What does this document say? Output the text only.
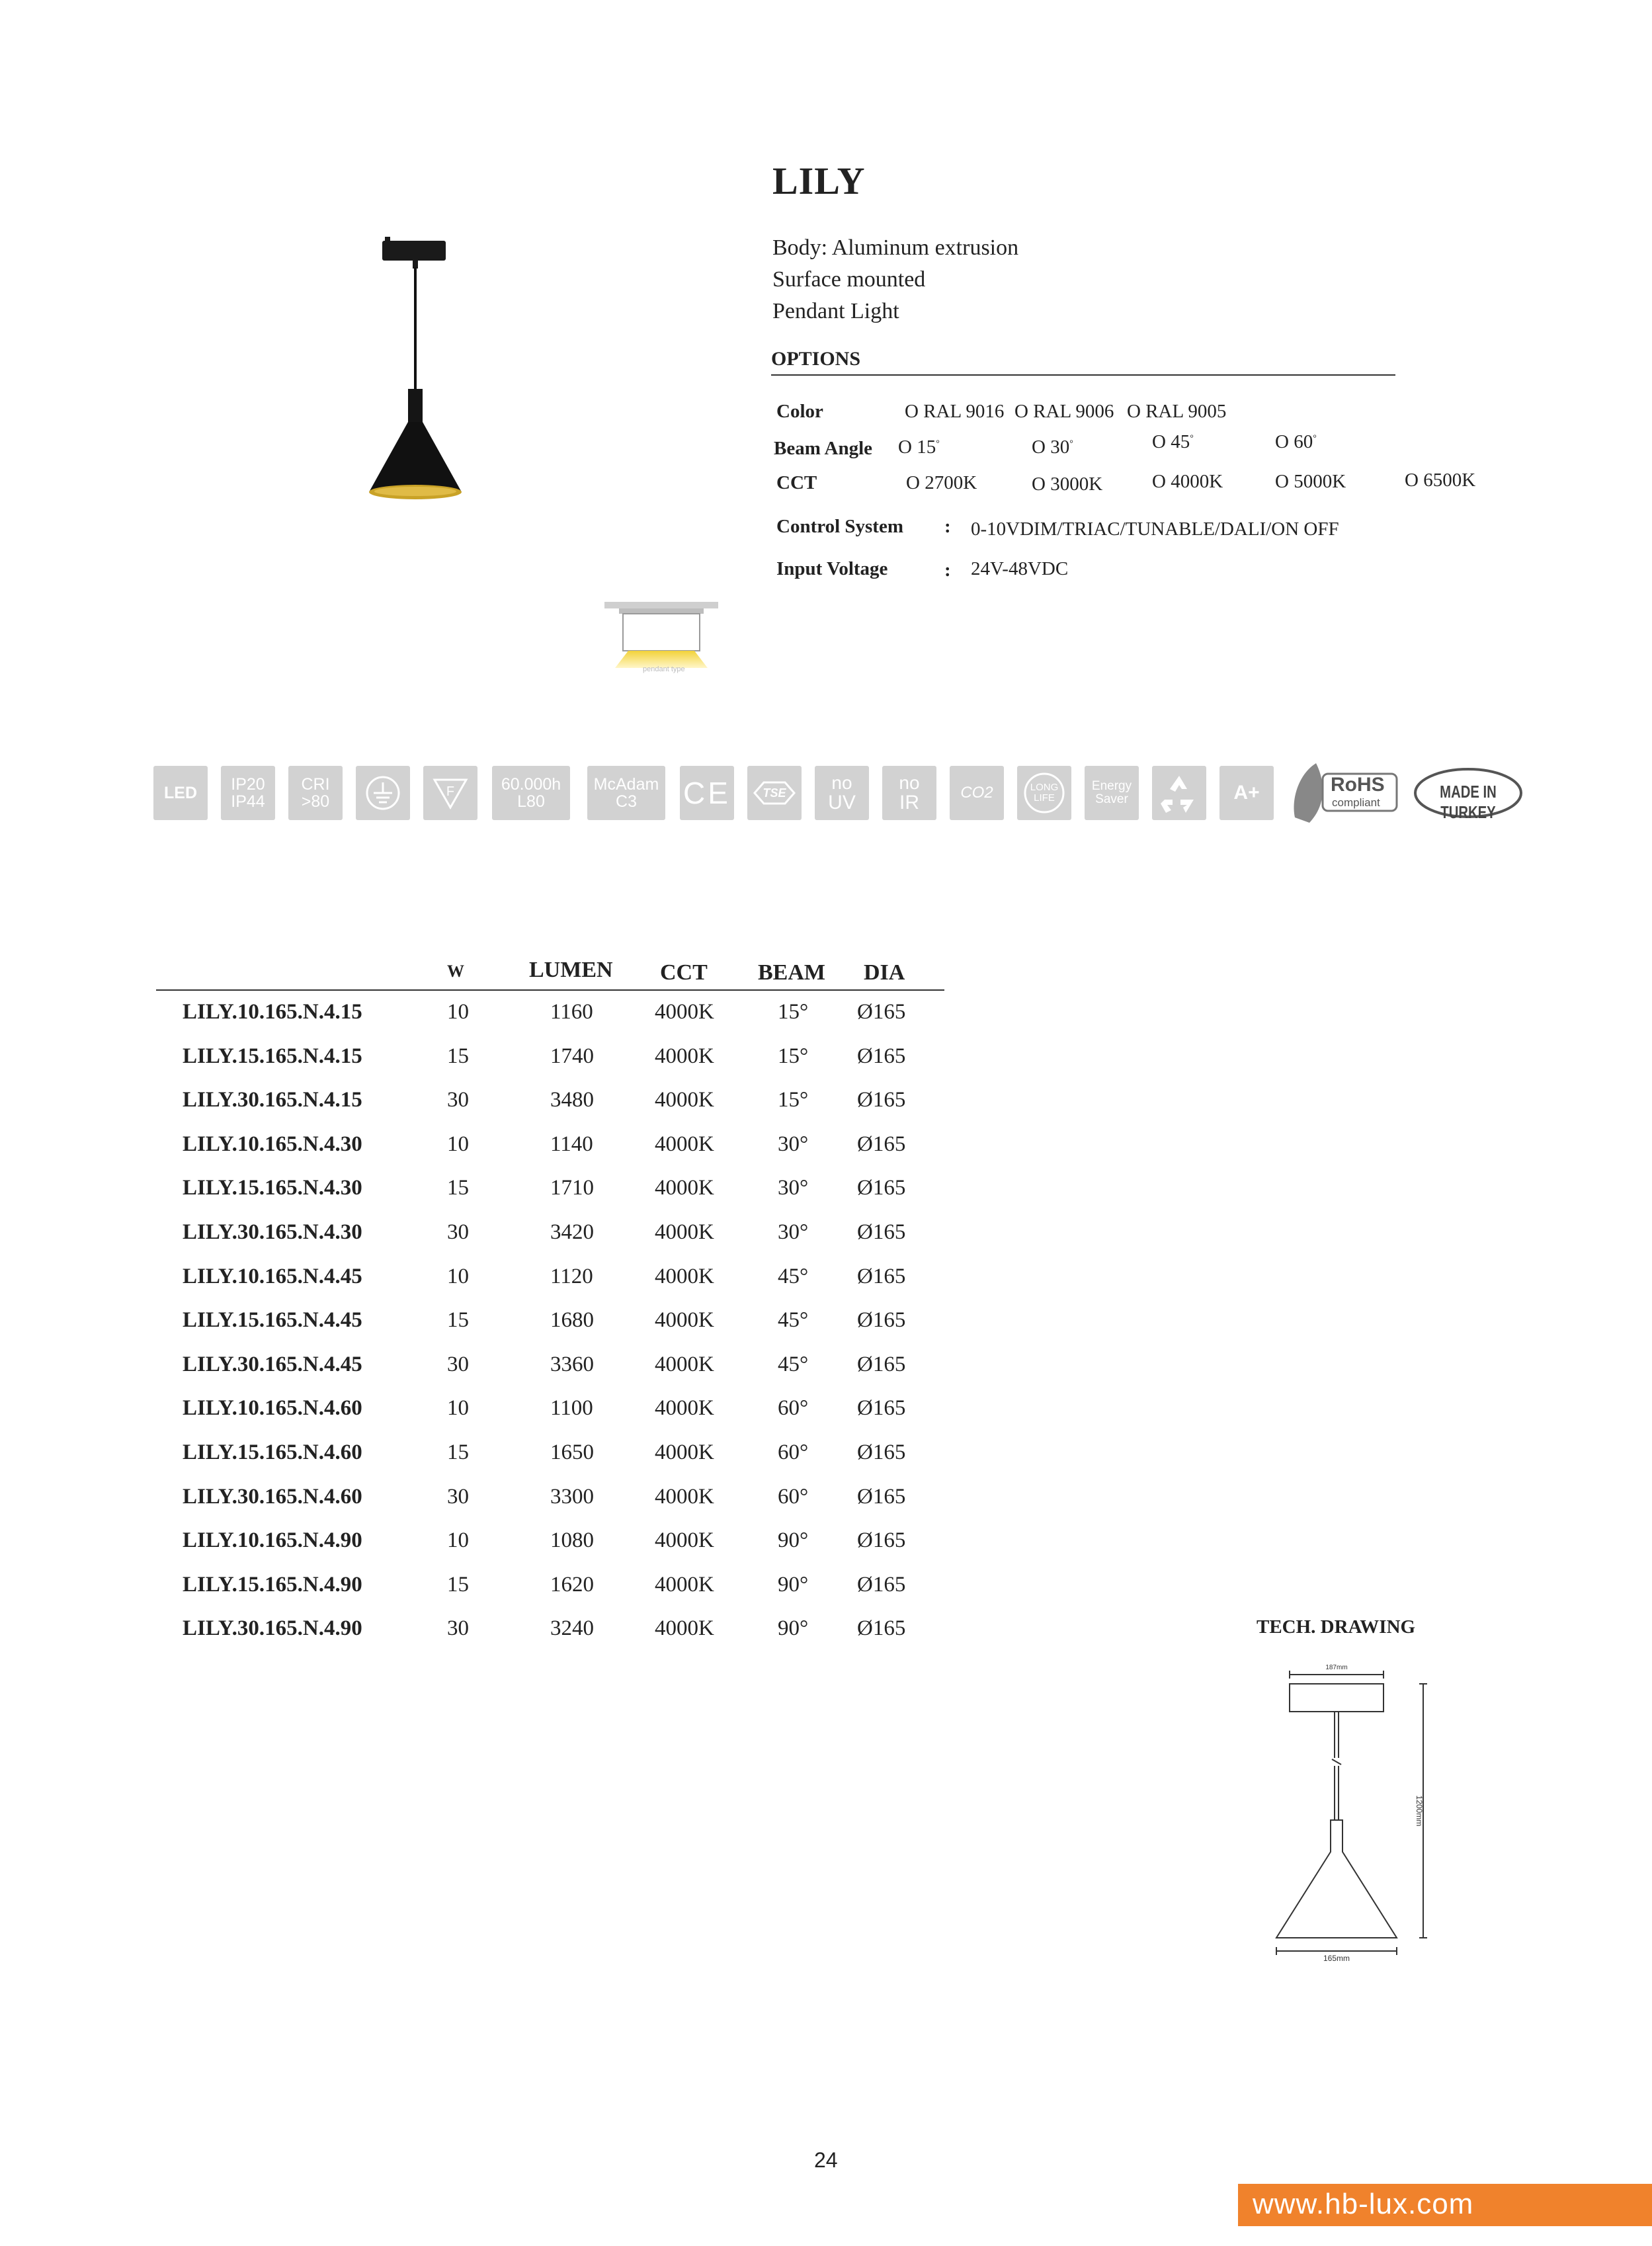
pendant type
LILY
Body: Aluminum extrusion
Surface mounted
Pendant Light
OPTIONS
Color	O RAL 9016 O RAL 9006 O RAL 9005
Beam Angle O 15°	O 30°	O 45°	O 60°
CCT	O 2700K	O 3000K	O 4000K	O 5000K	O 6500K
Control System : 0-10VDIM/TRIAC/TUNABLE/DALI/ON OFF
Input Voltage	: 24V-48VDC
LED IP20
IP44
CRI
>80
F	60.000h
L80
McAdam
C3 CE	TSE no
UV
no
IR	CO2	LONG
LIFE
Energy
Saver	A+	RoHS
compliant
MADE IN TURKEY
W	LUMEN CCT BEAM DIA
LILY.10.165.N.4.15	10	1160	4000K	15° Ø165
LILY.15.165.N.4.15	15	1740	4000K	15° Ø165
LILY.30.165.N.4.15	30	3480	4000K	15° Ø165
LILY.10.165.N.4.30	10	1140	4000K	30° Ø165
LILY.15.165.N.4.30	15	1710	4000K	30° Ø165
LILY.30.165.N.4.30	30	3420	4000K	30° Ø165
LILY.10.165.N.4.45	10	1120	4000K	45° Ø165
LILY.15.165.N.4.45	15	1680	4000K	45° Ø165
LILY.30.165.N.4.45	30	3360	4000K	45° Ø165
LILY.10.165.N.4.60	10	1100	4000K	60° Ø165
LILY.15.165.N.4.60	15	1650	4000K	60° Ø165
LILY.30.165.N.4.60	30	3300	4000K	60° Ø165
LILY.10.165.N.4.90	10	1080	4000K	90° Ø165
LILY.15.165.N.4.90	15	1620	4000K	90° Ø165
LILY.30.165.N.4.90	30	3240	4000K	90° Ø165	TECH. DRAWING
187mm
165mm
1200mm
24
www.hb-lux.com
